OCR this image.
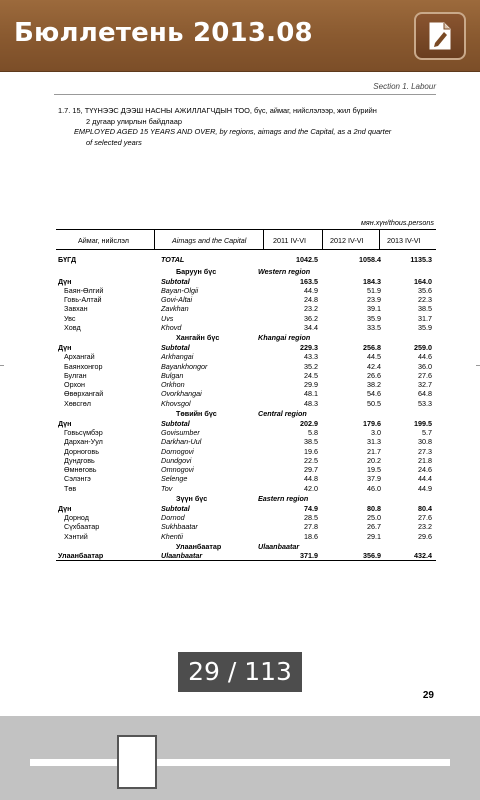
Бюллетень 2013.08
Section 1. Labour
1.7. 15, ТҮҮНЭЭС ДЭЭШ НАСНЫ АЖИЛЛАГЧДЫН ТОО, бүс, аймаг, нийслэлээр, жил бүрийн
2 дугаар улирлын байдлаар
EMPLOYED AGED 15 YEARS AND OVER, by regions, aimags and the Capital, as a 2nd quarter
of selected years
мян.хүн/thous.persons
Аймаг, нийслэл	Aimags and the Capital	2011 IV-VI	2012 IV-VI	2013 IV-VI
БҮГД	TOTAL	1042.5	1058.4	1135.3
Баруун бүс	Western region
Дүн	Subtotal	163.5	184.3	164.0
Баян-Өлгий	Bayan-Olgii	44.9	51.9	35.6
Говь-Алтай	Govi-Altai	24.8	23.9	22.3
Завхан	Zavkhan	23.2	39.1	38.5
Увс	Uvs	36.2	35.9	31.7
Ховд	Khovd	34.4	33.5	35.9
Хангайн бүс	Khangai region
Дүн	Subtotal	229.3	256.8	259.0
Архангай	Arkhangai	43.3	44.5	44.6
Баянхонгор	Bayankhongor	35.2	42.4	36.0
Булган	Bulgan	24.5	26.6	27.6
Орхон	Orkhon	29.9	38.2	32.7
Өвөрхангай	Ovorkhangai	48.1	54.6	64.8
Хөвсгөл	Khovsgol	48.3	50.5	53.3
Төвийн бүс	Central region
Дүн	Subtotal	202.9	179.6	199.5
Говьсүмбэр	Govisumber	5.8	3.0	5.7
Дархан-Уул	Darkhan-Uul	38.5	31.3	30.8
Дорноговь	Dornogovi	19.6	21.7	27.3
Дундговь	Dundgovi	22.5	20.2	21.8
Өмнөговь	Omnogovi	29.7	19.5	24.6
Сэлэнгэ	Selenge	44.8	37.9	44.4
Төв	Tov	42.0	46.0	44.9
Зүүн бүс	Eastern region
Дүн	Subtotal	74.9	80.8	80.4
Дорнод	Dornod	28.5	25.0	27.6
Сүхбаатар	Sukhbaatar	27.8	26.7	23.2
Хэнтий	Khentii	18.6	29.1	29.6
Улаанбаатар	Ulaanbaatar
Улаанбаатар	Ulaanbaatar	371.9	356.9	432.4
29 / 113
29
